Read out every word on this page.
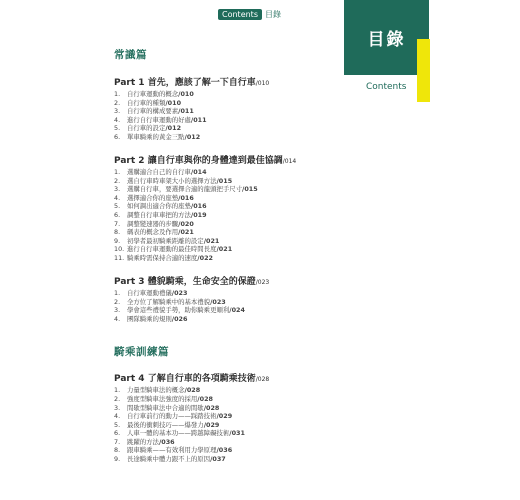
Contents 目錄
目錄
Contents
常識篇
Part 1 首先，應該了解一下自行車/010
1. 自行車運動的概念/010
2. 自行車的種類/010
3. 自行車的構成要素/011
4. 進行自行車運動的好處/011
5. 自行車的設定/012
6. 單車騎乘的黃金三點/012
Part 2 讓自行車與你的身體達到最佳協調/014
1. 選購適合自己的自行車/014
2. 選自行車時車架大小的選擇方法/015
3. 選購自行車，要選擇合適的龍頭把手尺寸/015
4. 選擇適合你的座墊/016
5. 如何調出適合你的座墊/016
6. 調整自行車車把的方法/019
7. 調整變速器的步驟/020
8. 碼表的概念及作用/021
9. 初學者最初騎乘距離的設定/021
10. 進行自行車運動的最佳時間長度/021
11. 騎乘時需保持合適的速度/022
Part 3 體貌騎乘，生命安全的保證/023
1. 自行車運動禮儀/023
2. 全方位了解騎乘中的基本禮貌/023
3. 學會這些禮貌手勢，助你騎乘更順利/024
4. 團隊騎乘的規則/026
騎乘訓練篇
Part 4 了解自行車的各項騎乘技術/028
1. 力量型騎車法的概念/028
2. 強度型騎車法強度的採用/028
3. 間歇型騎車法中合適的間歇/028
4. 自行車前行的動力——踩踏技術/029
5. 最後的衝刺技巧——爆發力/029
6. 人車一體的基本功——跨越障礙技術/031
7. 跳躍的方法/036
8. 跟車騎乘——有效利用力學原理/036
9. 長途騎乘中體力跟不上的原因/037
